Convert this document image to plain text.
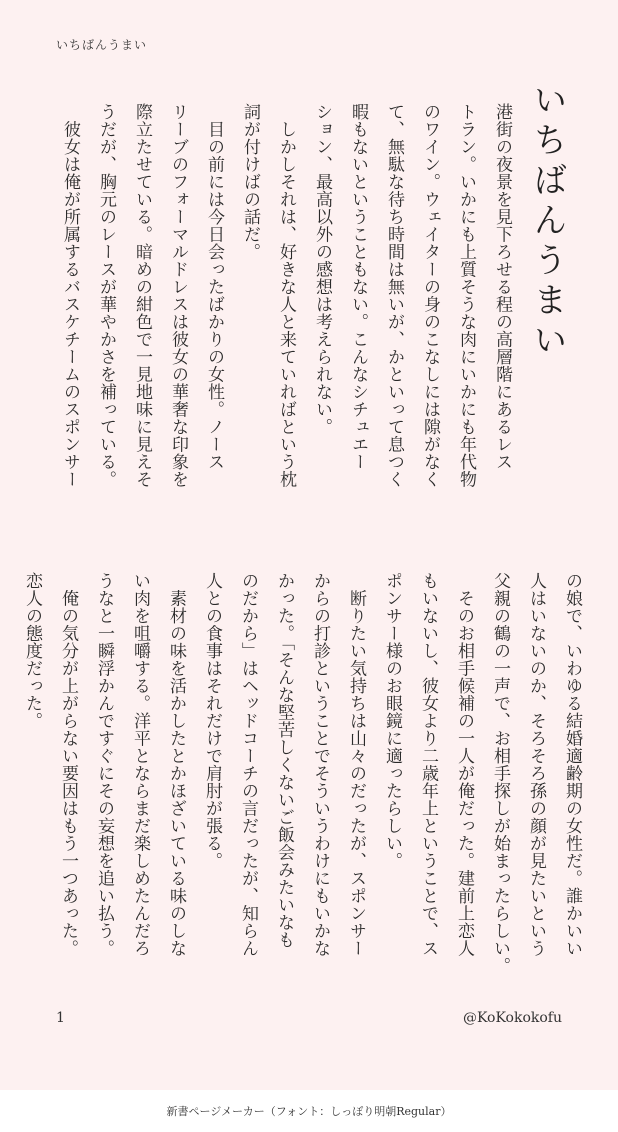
いちばんうまい
いちばんうまい
港街の夜景を見下ろせる程の高層階にあるレス
トラン。いかにも上質そうな肉にいかにも年代物
のワイン。ウェイターの身のこなしには隙がなく
て、無駄な待ち時間は無いが、かといって息つく
暇もないということもない。こんなシチュエー
ション、最高以外の感想は考えられない。
　しかしそれは、好きな人と来ていればという枕
詞が付けばの話だ。
　目の前には今日会ったばかりの女性。ノース
リーブのフォーマルドレスは彼女の華奢な印象を
際立たせている。暗めの紺色で一見地味に見えそ
うだが、胸元のレースが華やかさを補っている。
　彼女は俺が所属するバスケチームのスポンサー
の娘で、いわゆる結婚適齢期の女性だ。誰かいい
人はいないのか、そろそろ孫の顔が見たいという
父親の鶴の一声で、お相手探しが始まったらしい。
　そのお相手候補の一人が俺だった。建前上恋人
もいないし、彼女より二歳年上ということで、ス
ポンサー様のお眼鏡に適ったらしい。
　断りたい気持ちは山々のだったが、スポンサー
からの打診ということでそういうわけにもいかな
かった。「そんな堅苦しくないご飯会みたいなも
のだから」はヘッドコーチの言だったが、知らん
人との食事はそれだけで肩肘が張る。
　素材の味を活かしたとかほざいている味のしな
い肉を咀嚼する。洋平とならまだ楽しめたんだろ
うなと一瞬浮かんですぐにその妄想を追い払う。
　俺の気分が上がらない要因はもう一つあった。
恋人の態度だった。
1	@KoKokokofu
新書ページメーカー（フォント：しっぽり明朝Regular）
